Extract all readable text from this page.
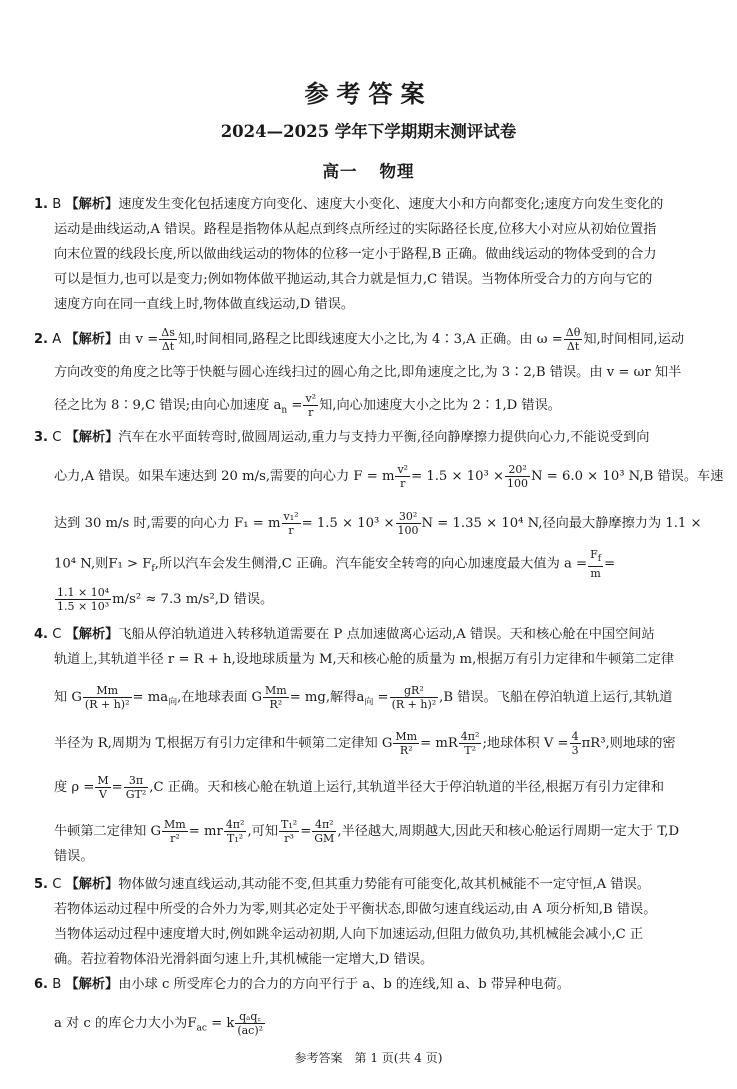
参考答案
2024—2025 学年下学期期末测评试卷
高一 物理
1. B 【解析】速度发生变化包括速度方向变化、速度大小变化、速度大小和方向都变化;速度方向发生变化的
运动是曲线运动,A 错误。路程是指物体从起点到终点所经过的实际路径长度,位移大小对应从初始位置指
向末位置的线段长度,所以做曲线运动的物体的位移一定小于路程,B 正确。做曲线运动的物体受到的合力
可以是恒力,也可以是变力;例如物体做平抛运动,其合力就是恒力,C 错误。当物体所受合力的方向与它的
速度方向在同一直线上时,物体做直线运动,D 错误。
2. A 【解析】由 $v = \frac{\Delta s}{\Delta t}$ 知,时间相同,路程之比即线速度大小之比,为 4∶3,A 正确。由 $\omega = \frac{\Delta\theta}{\Delta t}$ 知,时间相同,运动
方向改变的角度之比等于快艇与圆心连线扫过的圆心角之比,即角速度之比,为 3∶2,B 错误。由 v = ωr 知半
径之比为 8∶9,C 错误;由向心加速度 $a_n = \frac{\text{v²}}{r}$ 知,向心加速度大小之比为 2∶1,D 错误。
3. C 【解析】汽车在水平面转弯时,做圆周运动,重力与支持力平衡,径向静摩擦力提供向心力,不能说受到向
心力,A 错误。如果车速达到 20 m/s,需要的向心力 F = m $\frac{\text{v²}}{r} = 1.5 \times 10^3 \times \frac{\text{20²}}{100}$ N = 6.0 × 10³ N,B 错误。车速
达到 30 m/s 时,需要的向心力 F₁ = m $\frac{\text{v₁²}}{r} = 1.5 \times 10^3 \times \frac{\text{30²}}{100}$ N = 1.35 × 10⁴ N,径向最大静摩擦力为 1.1 ×
10⁴ N,则$F_1 > F_f$,所以汽车会发生侧滑,C 正确。汽车能安全转弯的向心加速度最大值为 $a = \frac{F_f}{m}$ =
$\frac{\text{1.1 × 10⁴}}{\text{1.5 × 10³}} m/s^2 \approx 7.3$ m/s²,D 错误。
4. C 【解析】飞船从停泊轨道进入转移轨道需要在 P 点加速做离心运动,A 错误。天和核心舱在中国空间站
轨道上,其轨道半径 r = R + h,设地球质量为 M,天和核心舱的质量为 m,根据万有引力定律和牛顿第二定律
知 G $\frac{Mm}{\text{(R + h)²}} = ma_向$,在地球表面 G $\frac{Mm}{\text{R²}}$ = mg,解得$a_向 = \frac{\text{gR²}}{\text{(R + h)²}} ,B$ 错误。飞船在停泊轨道上运行,其轨道
半径为 R,周期为 T,根据万有引力定律和牛顿第二定律知 G $\frac{Mm}{\text{R²}}$ = mR $\frac{\text{4π²}}{\text{T²}}$ ;地球体积 $V = \frac{4}{3} \pi R^3$,则地球的密
度 $\rho = \frac{M}{V} = \frac{3\pi}{\text{GT²}} ,C$ 正确。天和核心舱在轨道上运行,其轨道半径大于停泊轨道的半径,根据万有引力定律和
牛顿第二定律知 G $\frac{Mm}{\text{r²}}$ = mr $\frac{\text{4π²}}{\text{T₁²}}$ ,可知 $\frac{\text{T₁²}}{\text{r³}} = \frac{\text{4π²}}{GM}$ ,半径越大,周期越大,因此天和核心舱运行周期一定大于 T,D
错误。
5. C 【解析】物体做匀速直线运动,其动能不变,但其重力势能有可能变化,故其机械能不一定守恒,A 错误。
若物体运动过程中所受的合外力为零,则其必定处于平衡状态,即做匀速直线运动,由 A 项分析知,B 错误。
当物体运动过程中速度增大时,例如跳伞运动初期,人向下加速运动,但阻力做负功,其机械能会减小,C 正
确。若拉着物体沿光滑斜面匀速上升,其机械能一定增大,D 错误。
6. B 【解析】由小球 c 所受库仑力的合力的方向平行于 a、b 的连线,知 a、b 带异种电荷。
a 对 c 的库仑力大小为$F_{ac} = k \frac{\text{qₐq꜀}}{\text{(ac)²}}$
参考答案　第 1 页(共 4 页)
